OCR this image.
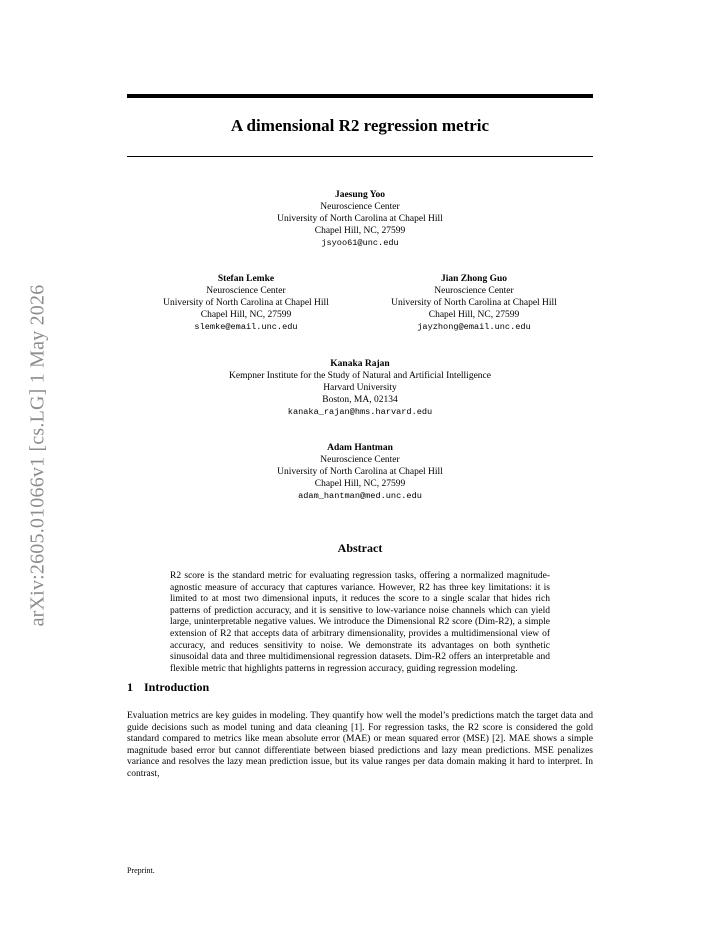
arXiv:2605.01066v1 [cs.LG] 1 May 2026
A dimensional R2 regression metric
Jaesung Yoo
Neuroscience Center
University of North Carolina at Chapel Hill
Chapel Hill, NC, 27599
jsyoo61@unc.edu
Stefan Lemke
Neuroscience Center
University of North Carolina at Chapel Hill
Chapel Hill, NC, 27599
slemke@email.unc.edu
Jian Zhong Guo
Neuroscience Center
University of North Carolina at Chapel Hill
Chapel Hill, NC, 27599
jayzhong@email.unc.edu
Kanaka Rajan
Kempner Institute for the Study of Natural and Artificial Intelligence
Harvard University
Boston, MA, 02134
kanaka_rajan@hms.harvard.edu
Adam Hantman
Neuroscience Center
University of North Carolina at Chapel Hill
Chapel Hill, NC, 27599
adam_hantman@med.unc.edu
Abstract
R2 score is the standard metric for evaluating regression tasks, offering a normalized magnitude-agnostic measure of accuracy that captures variance. However, R2 has three key limitations: it is limited to at most two dimensional inputs, it reduces the score to a single scalar that hides rich patterns of prediction accuracy, and it is sensitive to low-variance noise channels which can yield large, uninterpretable negative values. We introduce the Dimensional R2 score (Dim-R2), a simple extension of R2 that accepts data of arbitrary dimensionality, provides a multidimensional view of accuracy, and reduces sensitivity to noise. We demonstrate its advantages on both synthetic sinusoidal data and three multidimensional regression datasets. Dim-R2 offers an interpretable and flexible metric that highlights patterns in regression accuracy, guiding regression modeling.
1 Introduction
Evaluation metrics are key guides in modeling. They quantify how well the model’s predictions match the target data and guide decisions such as model tuning and data cleaning [1]. For regression tasks, the R2 score is considered the gold standard compared to metrics like mean absolute error (MAE) or mean squared error (MSE) [2]. MAE shows a simple magnitude based error but cannot differentiate between biased predictions and lazy mean predictions. MSE penalizes variance and resolves the lazy mean prediction issue, but its value ranges per data domain making it hard to interpret. In contrast,
Preprint.
